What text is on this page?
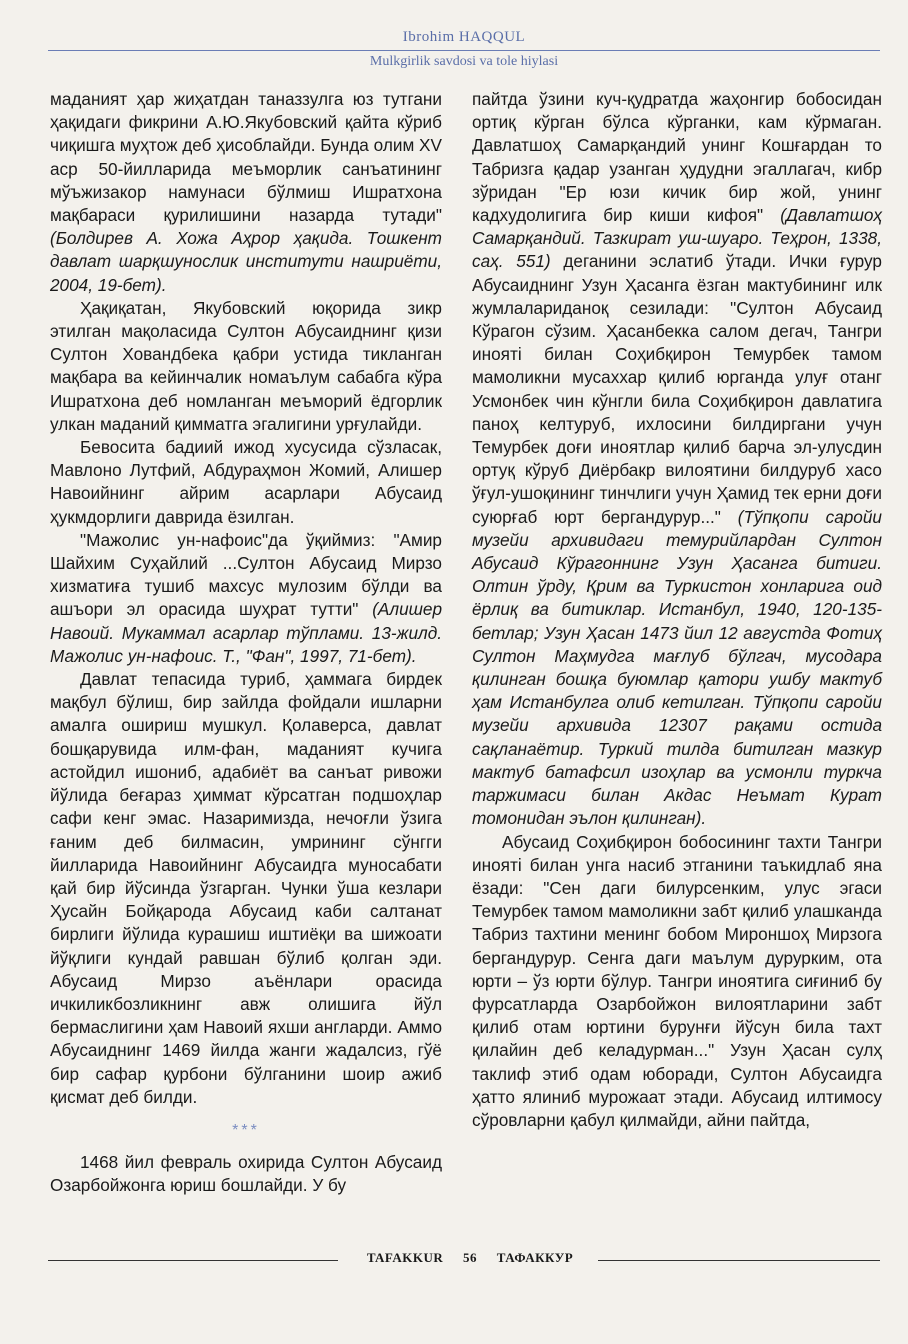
Ibrohim HAQQUL
Mulkgirlik savdosi va tole hiylasi

маданият ҳар жиҳатдан таназзулга юз тутгани ҳақидаги фикрини А.Ю.Якубовский қайта кўриб чиқишга муҳтож деб ҳисоблайди. Бунда олим XV аср 50-йилларида меъморлик санъатининг мўъжизакор намунаси бўлмиш Ишратхона мақбараси қурилишини назарда тутади" (Болдирев А. Хожа Аҳрор ҳақида. Тошкент давлат шарқшунослик институти нашриёти, 2004, 19-бет).

Ҳақиқатан, Якубовский юқорида зикр этилган мақоласида Султон Абусаиднинг қизи Султон Ховандбека қабри устида тикланган мақбара ва кейинчалик номаълум сабабга кўра Ишратхона деб номланган меъморий ёдгорлик улкан маданий қимматга эгалигини урғулайди.

Бевосита бадиий ижод хусусида сўзласак, Мавлоно Лутфий, Абдураҳмон Жомий, Алишер Навоийнинг айрим асарлари Абусаид ҳукмдорлиги даврида ёзилган.

"Мажолис ун-нафоис"да ўқиймиз: "Амир Шайхим Суҳайлий ...Султон Абусаид Мирзо хизматиға тушиб махсус мулозим бўлди ва ашъори эл орасида шуҳрат тутти" (Алишер Навоий. Мукаммал асарлар тўплами. 13-жилд. Мажолис ун-нафоис. Т., "Фан", 1997, 71-бет).

Давлат тепасида туриб, ҳаммага бирдек мақбул бўлиш, бир зайлда фойдали ишларни амалга ошириш мушкул. Қолаверса, давлат бошқарувида илм-фан, маданият кучига астойдил ишониб, адабиёт ва санъат ривожи йўлида беғараз ҳиммат кўрсатган подшоҳлар сафи кенг эмас. Назаримизда, нечоғли ўзига ғаним деб билмасин, умрининг сўнгги йилларида Навоийнинг Абусаидга муносабати қай бир йўсинда ўзгарган. Чунки ўша кезлари Ҳусайн Бойқарода Абусаид каби салтанат бирлиги йўлида курашиш иштиёқи ва шижоати йўқлиги кундай равшан бўлиб қолган эди. Абусаид Мирзо аъёнлари орасида ичкиликбозликнинг авж олишига йўл бермаслигини ҳам Навоий яхши англарди. Аммо Абусаиднинг 1469 йилда жанги жадалсиз, гўё бир сафар қурбони бўлганини шоир ажиб қисмат деб билди.

***

1468 йил феврaль охирида Султон Абусаид Озарбойжонга юриш бошлайди. У бу

пайтда ўзини куч-қудратда жаҳонгир бобосидан ортиқ кўрган бўлса кўрганки, кам кўрмаган. Давлатшоҳ Самарқандий унинг Кошғардан то Табризга қадар узанган ҳудудни эгаллагач, кибр зўридан "Ер юзи кичик бир жой, унинг кадхудолигига бир киши кифоя" (Давлатшоҳ Самарқандий. Тазкират уш-шуаро. Теҳрон, 1338, саҳ. 551) деганини эслатиб ўтади. Ички ғурур Абусаиднинг Узун Ҳасанга ёзган мактубининг илк жумлалариданоқ сезилади: "Султон Абусаид Кўрагон сўзим. Ҳасанбекка салом дегач, Тангри иноятi билан Соҳибқирон Темурбек тамом мамоликни мусаххар қилиб юрганда улуғ отанг Усмонбек чин кўнгли била Соҳибқирон давлатига паноҳ келтуруб, ихлосини билдиргани учун Темурбек доғи иноятлар қилиб барча эл-улусдин ортуқ кўруб Диёрбакр вилоятини билдуруб хасо ўғул-ушоқининг тинчлиги учун Ҳамид тек ерни доғи суюрғаб юрт бергандурур..." (Тўпқопи саройи музейи архивидаги темурийлардан Султон Абусаид Кўрагоннинг Узун Ҳасанга битиги. Олтин ўрду, Қрим ва Туркистон хонларига оид ёрлиқ ва битиклар. Истанбул, 1940, 120-135-бетлар; Узун Ҳасан 1473 йил 12 августда Фотиҳ Султон Маҳмудга мағлуб бўлгач, мусодара қилинган бошқа буюмлар қатори ушбу мактуб ҳам Истанбулга олиб кетилган. Тўпқопи саройи музейи архивида 12307 рақами остида сақланаётир. Туркий тилда битилган мазкур мактуб батафсил изоҳлар ва усмонли туркча таржимаси билан Акдас Неъмат Курат томонидан эълон қилинган).

Абусаид Соҳибқирон бобосининг тахти Тангри иноятi билан унга насиб этганини таъкидлаб яна ёзади: "Сен даги билурсенким, улус эгаси Темурбек тамом мамоликни забт қилиб улашканда Табриз тахтини менинг бобом Мироншоҳ Мирзога бергандурур. Сенга даги маълум дурурким, ота юрти – ўз юрти бўлур. Тангри иноятига сиғиниб бу фурсатларда Озарбойжон вилоятларини забт қилиб отам юртини бурунғи йўсун била тахт қилайин деб келадурман..." Узун Ҳасан сулҳ таклиф этиб одам юборади, Султон Абусаидга ҳатто ялиниб мурожаат этади. Абусаид илтимосу сўровларни қабул қилмайди, айни пайтда,

TAFAKKUR 56 ТАФАККУР
